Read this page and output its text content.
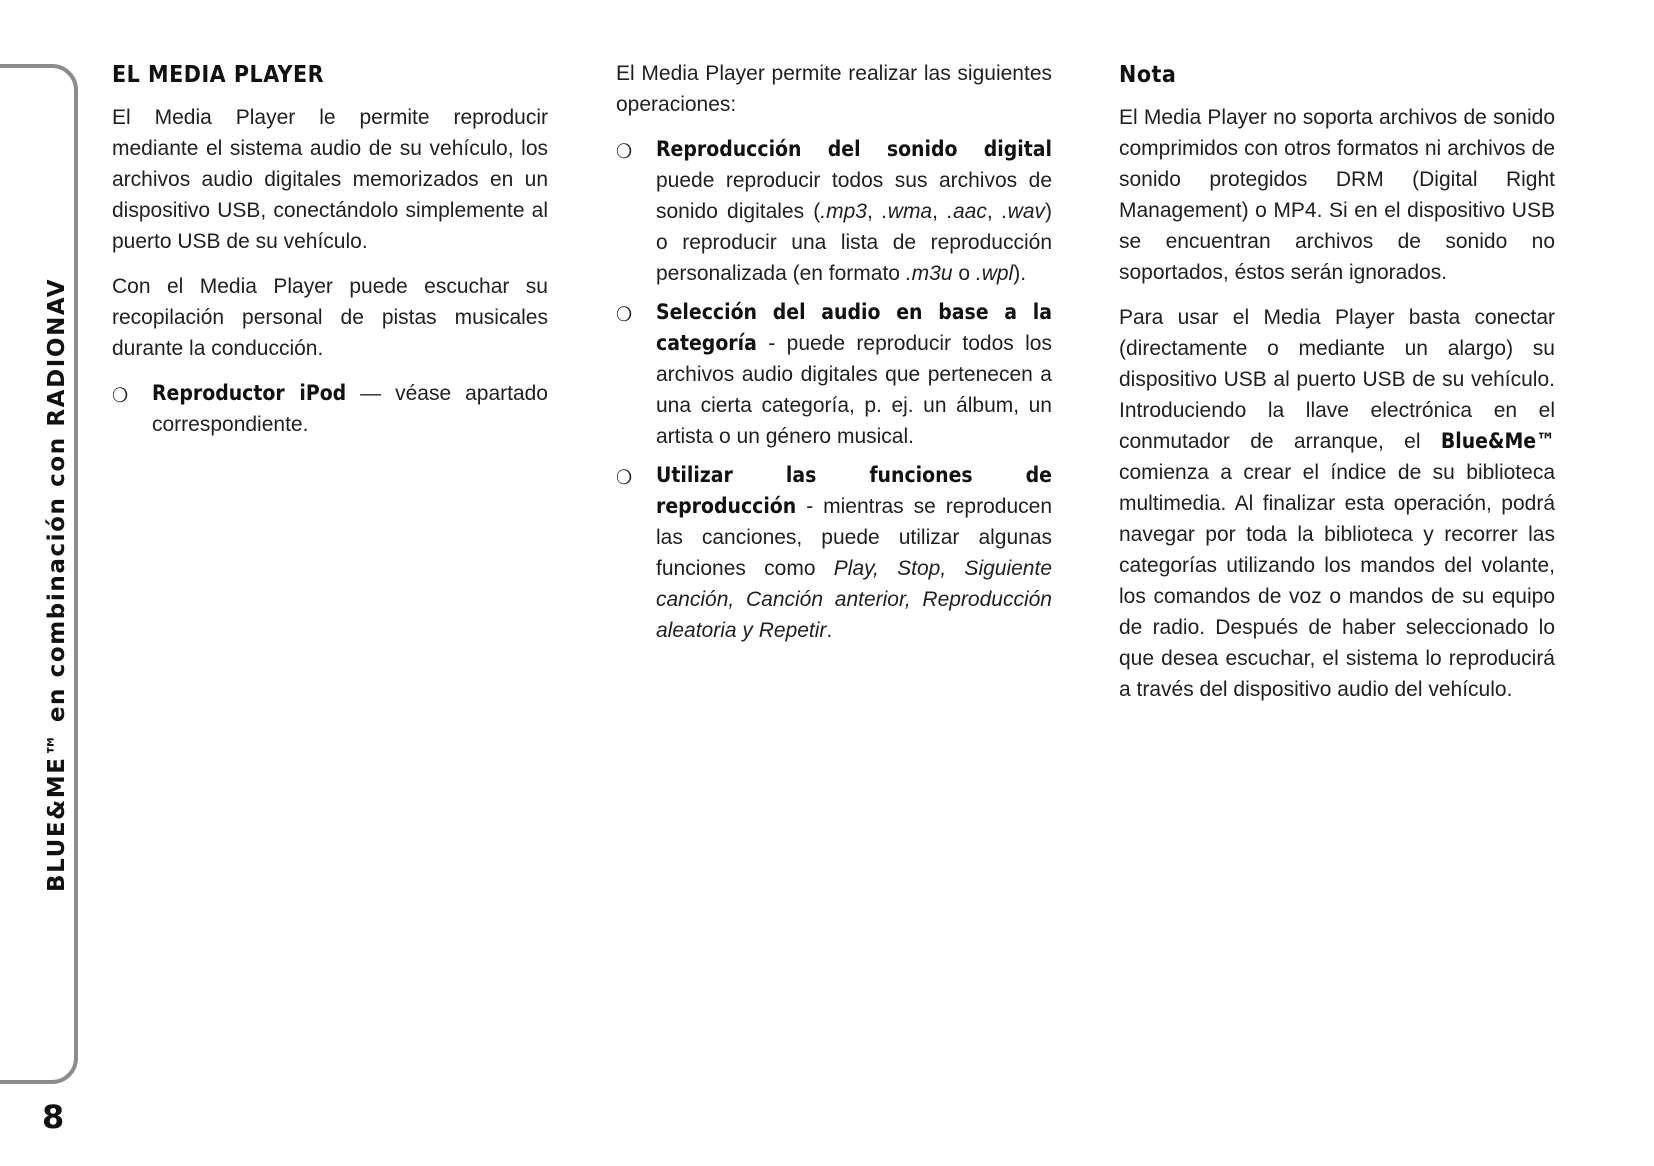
BLUE&ME™ en combinación con RADIONAV
8
EL MEDIA PLAYER

El Media Player le permite reproducir mediante el sistema audio de su vehículo, los archivos audio digitales memorizados en un dispositivo USB, conectándolo simplemente al puerto USB de su vehículo.

Con el Media Player puede escuchar su recopilación personal de pistas musicales durante la conducción.

❍ Reproductor iPod — véase apartado correspondiente.

El Media Player permite realizar las siguientes operaciones:

❍ Reproducción del sonido digital puede reproducir todos sus archivos de sonido digitales (.mp3, .wma, .aac, .wav) o reproducir una lista de reproducción personalizada (en formato .m3u o .wpl).
❍ Selección del audio en base a la categoría - puede reproducir todos los archivos audio digitales que pertenecen a una cierta categoría, p. ej. un álbum, un artista o un género musical.
❍ Utilizar las funciones de reproducción - mientras se reproducen las canciones, puede utilizar algunas funciones como Play, Stop, Siguiente canción, Canción anterior, Reproducción aleatoria y Repetir.
Nota

El Media Player no soporta archivos de sonido comprimidos con otros formatos ni archivos de sonido protegidos DRM (Digital Right Management) o MP4. Si en el dispositivo USB se encuentran archivos de sonido no soportados, éstos serán ignorados.

Para usar el Media Player basta conectar (directamente o mediante un alargo) su dispositivo USB al puerto USB de su vehículo. Introduciendo la llave electrónica en el conmutador de arranque, el Blue&Me™ comienza a crear el índice de su biblioteca multimedia. Al finalizar esta operación, podrá navegar por toda la biblioteca y recorrer las categorías utilizando los mandos del volante, los comandos de voz o mandos de su equipo de radio. Después de haber seleccionado lo que desea escuchar, el sistema lo reproducirá a través del dispositivo audio del vehículo.
